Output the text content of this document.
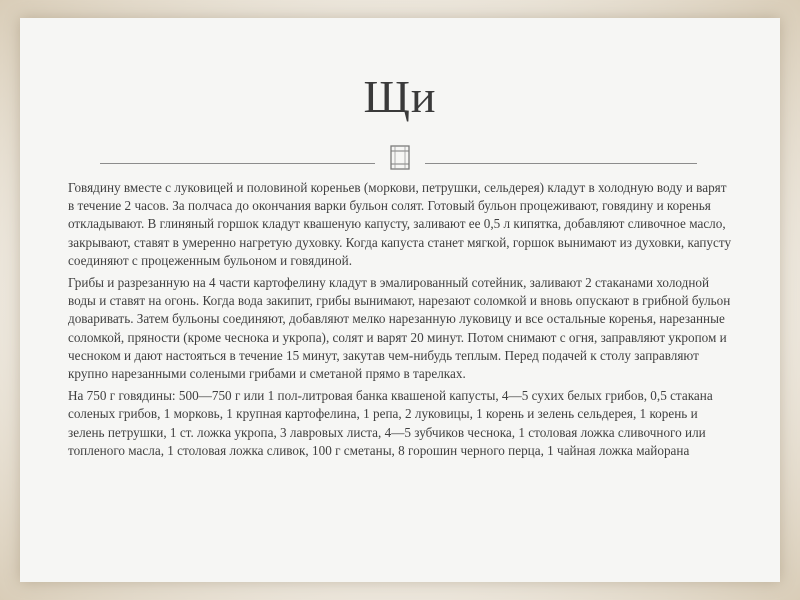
Щи

Говядину вместе с луковицей и половиной кореньев (моркови, петрушки, сельдерея) кладут в холодную воду и варят в течение 2 часов. За полчаса до окончания варки бульон солят. Готовый бульон процеживают, говядину и коренья откладывают. В глиняный горшок кладут квашеную капусту, заливают ее 0,5 л кипятка, добавляют сливочное масло, закрывают, ставят в умеренно нагретую духовку. Когда капуста станет мягкой, горшок вынимают из духовки, капусту соединяют с процеженным бульоном и говядиной.

Грибы и разрезанную на 4 части картофелину кладут в эмалированный сотейник, заливают 2 стаканами холодной воды и ставят на огонь. Когда вода закипит, грибы вынимают, нарезают соломкой и вновь опускают в грибной бульон доваривать. Затем бульоны соединяют, добавляют мелко нарезанную луковицу и все остальные коренья, нарезанные соломкой, пряности (кроме чеснока и укропа), солят и варят 20 минут. Потом снимают с огня, заправляют укропом и чесноком и дают настояться в течение 15 минут, закутав чем-нибудь теплым. Перед подачей к столу заправляют крупно нарезанными солеными грибами и сметаной прямо в тарелках.

На 750 г говядины: 500—750 г или 1 пол-литровая банка квашеной капусты, 4—5 сухих белых грибов, 0,5 стакана соленых грибов, 1 морковь, 1 крупная картофелина, 1 репа, 2 луковицы, 1 корень и зелень сельдерея, 1 корень и зелень петрушки, 1 ст. ложка укропа, 3 лавровых листа, 4—5 зубчиков чеснока, 1 столовая ложка сливочного или топленого масла, 1 столовая ложка сливок, 100 г сметаны, 8 горошин черного перца, 1 чайная ложка майорана
